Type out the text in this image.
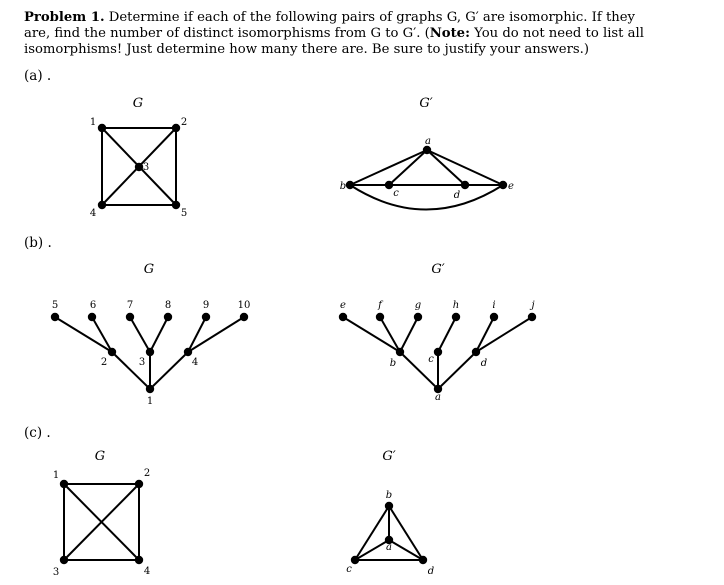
Problem 1. Determine if each of the following pairs of graphs G, G′ are isomorphic. If they are, find the number of distinct isomorphisms from G to G′. (Note: You do not need to list all isomorphisms! Just determine how many there are. Be sure to justify your answers.)
(a) .
(b) .
(c) .
G
1	2
3
4	5
G′
a
b
c	d
e
G
1
2	3	4
5	6	7	8	9	10
G′
a
b	c	d
e	f	g	h	i	j
G
1	2
3	4
G′
a
b
c	d
